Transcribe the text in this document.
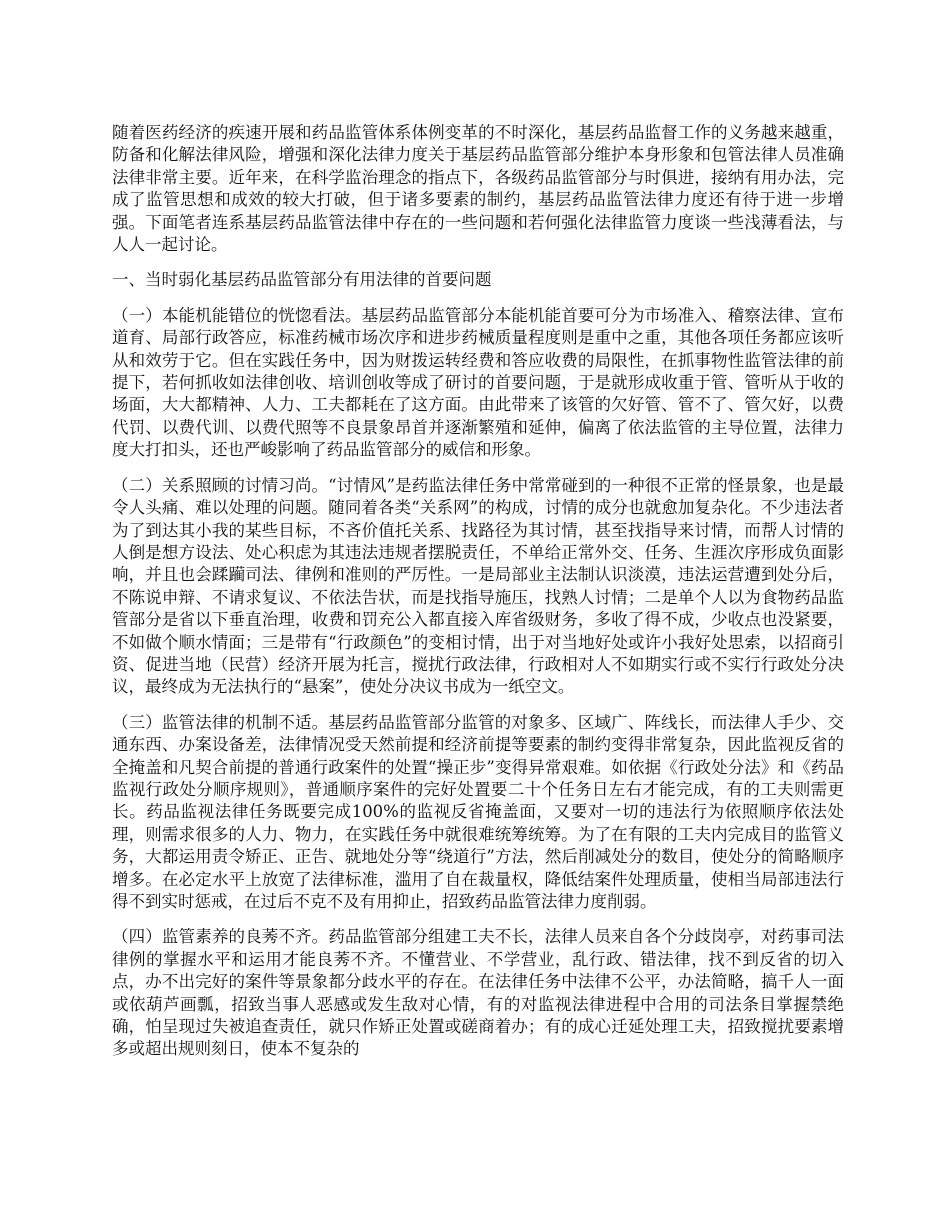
随着医药经济的疾速开展和药品监管体系体例变革的不时深化，基层药品监督工作的义务越来越重，防备和化解法律风险，增强和深化法律力度关于基层药品监管部分维护本身形象和包管法律人员准确法律非常主要。近年来，在科学监治理念的指点下，各级药品监管部分与时俱进，接纳有用办法，完成了监管思想和成效的较大打破，但于诸多要素的制约，基层药品监管法律力度还有待于进一步增强。下面笔者连系基层药品监管法律中存在的一些问题和若何强化法律监管力度谈一些浅薄看法，与人人一起讨论。

一、当时弱化基层药品监管部分有用法律的首要问题

（一）本能机能错位的恍惚看法。基层药品监管部分本能机能首要可分为市场准入、稽察法律、宣布道育、局部行政答应，标准药械市场次序和进步药械质量程度则是重中之重，其他各项任务都应该听从和效劳于它。但在实践任务中，因为财拨运转经费和答应收费的局限性，在抓事物性监管法律的前提下，若何抓收如法律创收、培训创收等成了研讨的首要问题，于是就形成收重于管、管听从于收的场面，大大都精神、人力、工夫都耗在了这方面。由此带来了该管的欠好管、管不了、管欠好，以费代罚、以费代训、以费代照等不良景象昂首并逐渐繁殖和延伸，偏离了依法监管的主导位置，法律力度大打扣头，还也严峻影响了药品监管部分的威信和形象。

（二）关系照顾的讨情习尚。“讨情风”是药监法律任务中常常碰到的一种很不正常的怪景象，也是最令人头痛、难以处理的问题。随同着各类“关系网”的构成，讨情的成分也就愈加复杂化。不少违法者为了到达其小我的某些目标，不吝价值托关系、找路径为其讨情，甚至找指导来讨情，而帮人讨情的人倒是想方设法、处心积虑为其违法违规者摆脱责任，不单给正常外交、任务、生涯次序形成负面影响，并且也会蹂躏司法、律例和准则的严厉性。一是局部业主法制认识淡漠，违法运营遭到处分后，不陈说申辩、不请求复议、不依法告状，而是找指导施压，找熟人讨情；二是单个人以为食物药品监管部分是省以下垂直治理，收费和罚充公入都直接入库省级财务，多收了得不成，少收点也没紧要，不如做个顺水情面；三是带有“行政颜色”的变相讨情，出于对当地好处或许小我好处思索，以招商引资、促进当地（民营）经济开展为托言，搅扰行政法律，行政相对人不如期实行或不实行行政处分决议，最终成为无法执行的“悬案”，使处分决议书成为一纸空文。

（三）监管法律的机制不适。基层药品监管部分监管的对象多、区域广、阵线长，而法律人手少、交通东西、办案设备差，法律情况受天然前提和经济前提等要素的制约变得非常复杂，因此监视反省的全掩盖和凡契合前提的普通行政案件的处置“操正步”变得异常艰难。如依据《行政处分法》和《药品监视行政处分顺序规则》，普通顺序案件的完好处置要二十个任务日左右才能完成，有的工夫则需更长。药品监视法律任务既要完成100%的监视反省掩盖面，又要对一切的违法行为依照顺序依法处理，则需求很多的人力、物力，在实践任务中就很难统筹统筹。为了在有限的工夫内完成目的监管义务，大都运用责令矫正、正告、就地处分等“绕道行”方法，然后削减处分的数目，使处分的简略顺序增多。在必定水平上放宽了法律标准，滥用了自在裁量权，降低结案件处理质量，使相当局部违法行得不到实时惩戒，在过后不克不及有用抑止，招致药品监管法律力度削弱。

（四）监管素养的良莠不齐。药品监管部分组建工夫不长，法律人员来自各个分歧岗亭，对药事司法律例的掌握水平和运用才能良莠不齐。不懂营业、不学营业，乱行政、错法律，找不到反省的切入点，办不出完好的案件等景象都分歧水平的存在。在法律任务中法律不公平，办法简略，搞千人一面或依葫芦画瓢，招致当事人恶感或发生敌对心情，有的对监视法律进程中合用的司法条目掌握禁绝确，怕呈现过失被追查责任，就只作矫正处置或磋商着办；有的成心迁延处理工夫，招致搅扰要素增多或超出规则刻日，使本不复杂的
